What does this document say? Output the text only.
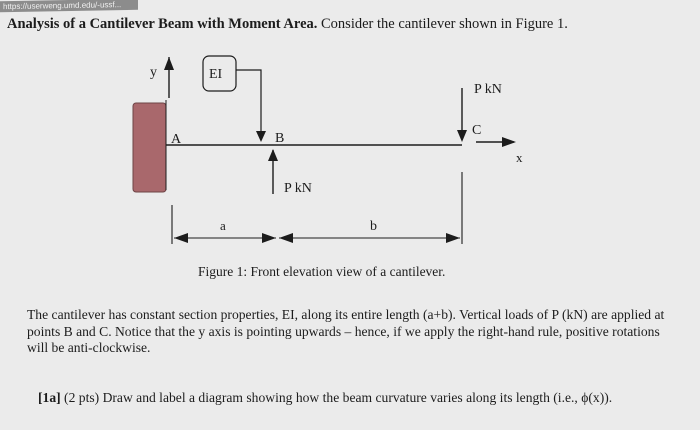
https://userweng.umd.edu/-ussf...
Analysis of a Cantilever Beam with Moment Area. Consider the cantilever shown in Figure 1.
y	EI
A	B
P kN
P kN
C
x
a	b
Figure 1: Front elevation view of a cantilever.
The cantilever has constant section properties, EI, along its entire length (a+b). Vertical loads of P (kN) are applied at points B and C. Notice that the y axis is pointing upwards – hence, if we apply the right-hand rule, positive rotations will be anti-clockwise.
[1a] (2 pts) Draw and label a diagram showing how the beam curvature varies along its length (i.e., ϕ(x)).
